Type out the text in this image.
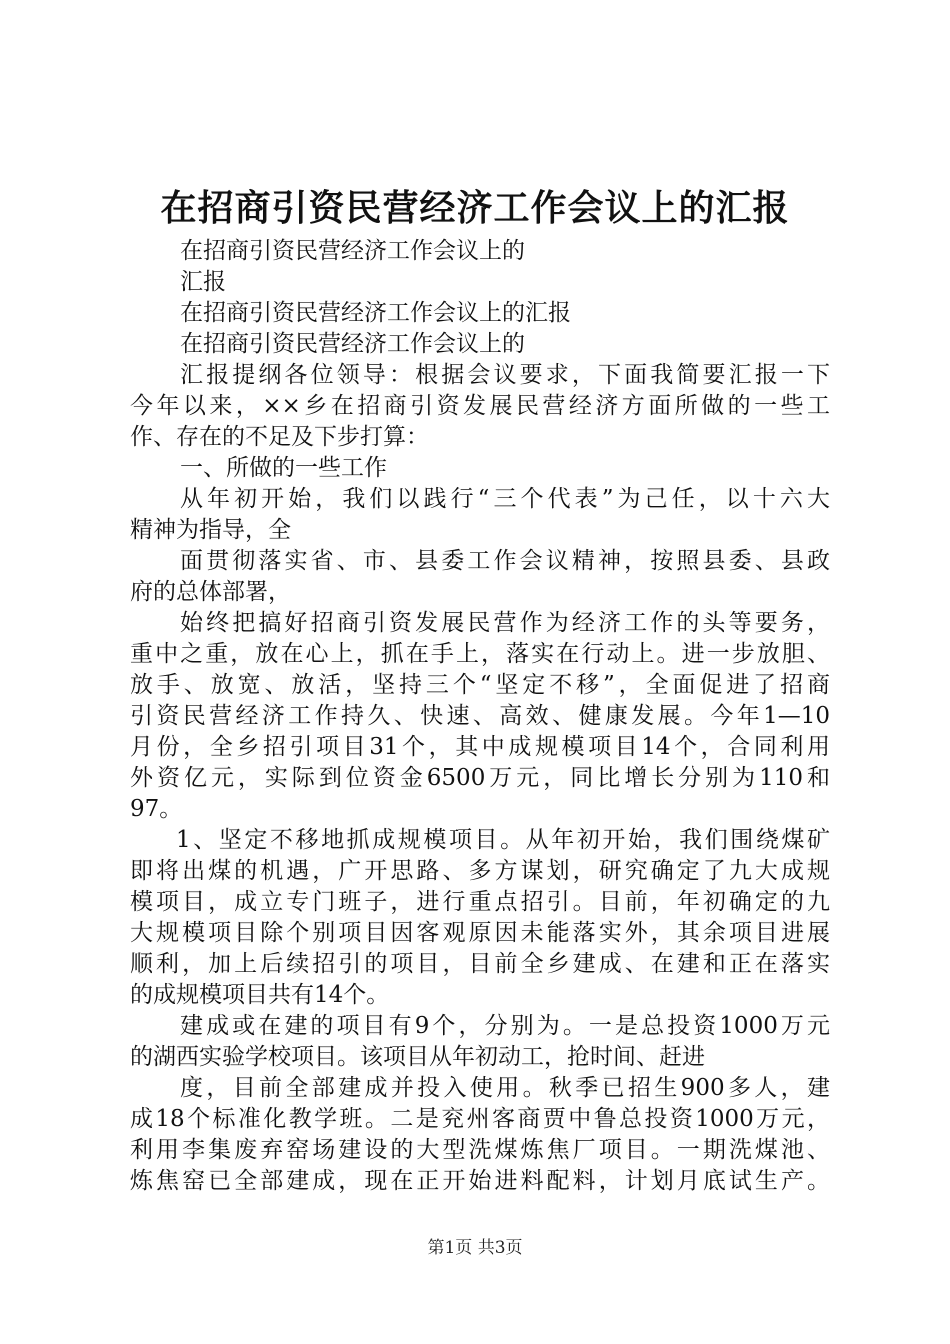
在招商引资民营经济工作会议上的汇报
在招商引资民营经济工作会议上的
汇报
在招商引资民营经济工作会议上的汇报
在招商引资民营经济工作会议上的
汇报提纲各位领导：根据会议要求，下面我简要汇报一下
今年以来，××乡在招商引资发展民营经济方面所做的一些工
作、存在的不足及下步打算：
一、所做的一些工作
从年初开始，我们以践行“三个代表”为己任，以十六大
精神为指导，全
面贯彻落实省、市、县委工作会议精神，按照县委、县政
府的总体部署，
始终把搞好招商引资发展民营作为经济工作的头等要务，
重中之重，放在心上，抓在手上，落实在行动上。进一步放胆、
放手、放宽、放活，坚持三个“坚定不移”，全面促进了招商
引资民营经济工作持久、快速、高效、健康发展。今年1—10
月份，全乡招引项目31个，其中成规模项目14个，合同利用
外资亿元，实际到位资金6500万元，同比增长分别为110和
97。
1、坚定不移地抓成规模项目。从年初开始，我们围绕煤矿
即将出煤的机遇，广开思路、多方谋划，研究确定了九大成规
模项目，成立专门班子，进行重点招引。目前，年初确定的九
大规模项目除个别项目因客观原因未能落实外，其余项目进展
顺利，加上后续招引的项目，目前全乡建成、在建和正在落实
的成规模项目共有14个。
建成或在建的项目有9个，分别为。一是总投资1000万元
的湖西实验学校项目。该项目从年初动工，抢时间、赶进
度，目前全部建成并投入使用。秋季已招生900多人，建
成18个标准化教学班。二是兖州客商贾中鲁总投资1000万元，
利用李集废弃窑场建设的大型洗煤炼焦厂项目。一期洗煤池、
炼焦窑已全部建成，现在正开始进料配料，计划月底试生产。
第1页 共3页
